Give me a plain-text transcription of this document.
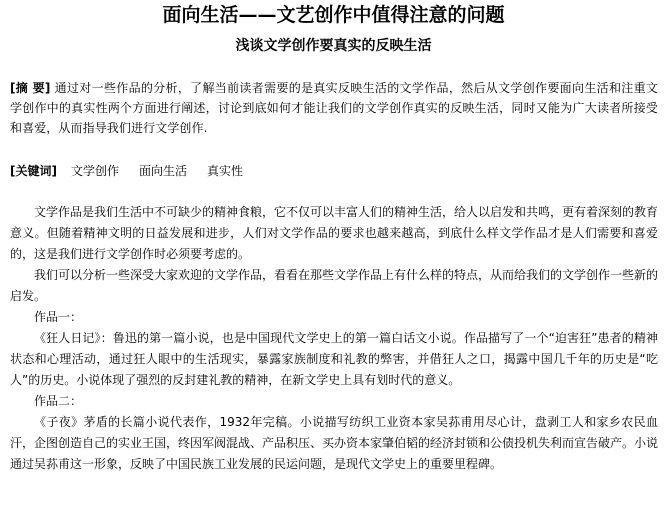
面向生活——文艺创作中值得注意的问题
浅谈文学创作要真实的反映生活
[摘 要] 通过对一些作品的分析，了解当前读者需要的是真实反映生活的文学作品，然后从文学创作要面向生活和注重文学创作中的真实性两个方面进行阐述，讨论到底如何才能让我们的文学创作真实的反映生活，同时又能为广大读者所接受和喜爱，从而指导我们进行文学创作.
[关键词] 文学创作 面向生活 真实性

文学作品是我们生活中不可缺少的精神食粮，它不仅可以丰富人们的精神生活，给人以启发和共鸣，更有着深刻的教育意义。但随着精神文明的日益发展和进步，人们对文学作品的要求也越来越高，到底什么样文学作品才是人们需要和喜爱的，这是我们进行文学创作时必须要考虑的。

我们可以分析一些深受大家欢迎的文学作品，看看在那些文学作品上有什么样的特点，从而给我们的文学创作一些新的启发。

作品一：

《狂人日记》：鲁迅的第一篇小说，也是中国现代文学史上的第一篇白话文小说。作品描写了一个“迫害狂”患者的精神状态和心理活动，通过狂人眼中的生活现实，暴露家族制度和礼教的弊害，并借狂人之口，揭露中国几千年的历史是“吃人”的历史。小说体现了强烈的反封建礼教的精神，在新文学史上具有划时代的意义。

作品二：

《子夜》茅盾的长篇小说代表作，1932年完稿。小说描写纺织工业资本家吴荪甫用尽心计，盘剥工人和家乡农民血汗，企图创造自己的实业王国，终因军阀混战、产品积压、买办资本家肇伯韬的经济封锁和公债投机失利而宣告破产。小说通过吴荪甫这一形象，反映了中国民族工业发展的民运问题，是现代文学史上的重要里程碑。
